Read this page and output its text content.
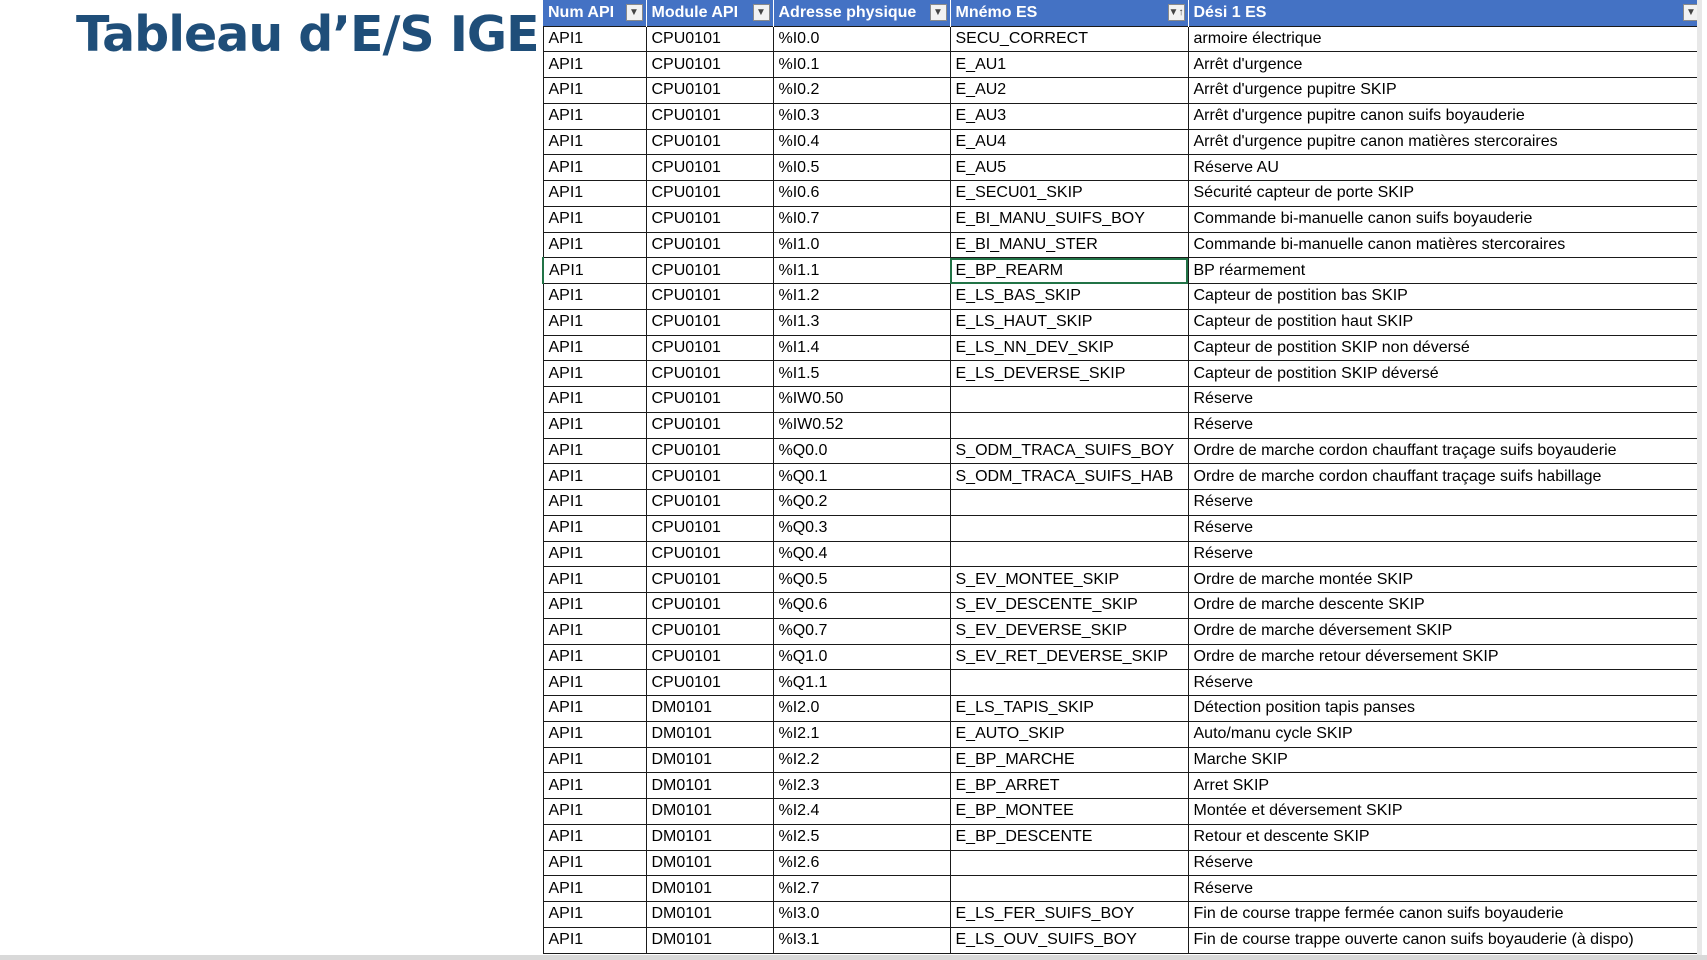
Tableau d’E/S IGE Num API ▼	Module API ▼	Adresse physique ▼	Mnémo ES ▼↑	Dési 1 ES ▼

API1	CPU0101	%I0.0	SECU_CORRECT	armoire électrique
API1	CPU0101	%I0.1	E_AU1	Arrêt d'urgence
API1	CPU0101	%I0.2	E_AU2	Arrêt d'urgence pupitre SKIP
API1	CPU0101	%I0.3	E_AU3	Arrêt d'urgence pupitre canon suifs boyauderie
API1	CPU0101	%I0.4	E_AU4	Arrêt d'urgence pupitre canon matières stercoraires
API1	CPU0101	%I0.5	E_AU5	Réserve AU
API1	CPU0101	%I0.6	E_SECU01_SKIP	Sécurité capteur de porte SKIP
API1	CPU0101	%I0.7	E_BI_MANU_SUIFS_BOY	Commande bi-manuelle canon suifs boyauderie
API1	CPU0101	%I1.0	E_BI_MANU_STER	Commande bi-manuelle canon matières stercoraires
API1	CPU0101	%I1.1	E_BP_REARM	BP réarmement
API1	CPU0101	%I1.2	E_LS_BAS_SKIP	Capteur de postition bas SKIP
API1	CPU0101	%I1.3	E_LS_HAUT_SKIP	Capteur de postition haut SKIP
API1	CPU0101	%I1.4	E_LS_NN_DEV_SKIP	Capteur de postition SKIP non déversé
API1	CPU0101	%I1.5	E_LS_DEVERSE_SKIP	Capteur de postition SKIP déversé
API1	CPU0101	%IW0.50		Réserve
API1	CPU0101	%IW0.52		Réserve
API1	CPU0101	%Q0.0	S_ODM_TRACA_SUIFS_BOY	Ordre de marche cordon chauffant traçage suifs boyauderie
API1	CPU0101	%Q0.1	S_ODM_TRACA_SUIFS_HAB	Ordre de marche cordon chauffant traçage suifs habillage
API1	CPU0101	%Q0.2		Réserve
API1	CPU0101	%Q0.3		Réserve
API1	CPU0101	%Q0.4		Réserve
API1	CPU0101	%Q0.5	S_EV_MONTEE_SKIP	Ordre de marche montée SKIP
API1	CPU0101	%Q0.6	S_EV_DESCENTE_SKIP	Ordre de marche descente SKIP
API1	CPU0101	%Q0.7	S_EV_DEVERSE_SKIP	Ordre de marche déversement SKIP
API1	CPU0101	%Q1.0	S_EV_RET_DEVERSE_SKIP	Ordre de marche retour déversement SKIP
API1	CPU0101	%Q1.1		Réserve
API1	DM0101	%I2.0	E_LS_TAPIS_SKIP	Détection position tapis panses
API1	DM0101	%I2.1	E_AUTO_SKIP	Auto/manu cycle SKIP
API1	DM0101	%I2.2	E_BP_MARCHE	Marche SKIP
API1	DM0101	%I2.3	E_BP_ARRET	Arret SKIP
API1	DM0101	%I2.4	E_BP_MONTEE	Montée et déversement SKIP
API1	DM0101	%I2.5	E_BP_DESCENTE	Retour et descente SKIP
API1	DM0101	%I2.6		Réserve
API1	DM0101	%I2.7		Réserve
API1	DM0101	%I3.0	E_LS_FER_SUIFS_BOY	Fin de course trappe fermée canon suifs boyauderie
API1	DM0101	%I3.1	E_LS_OUV_SUIFS_BOY	Fin de course trappe ouverte canon suifs boyauderie (à dispo)
